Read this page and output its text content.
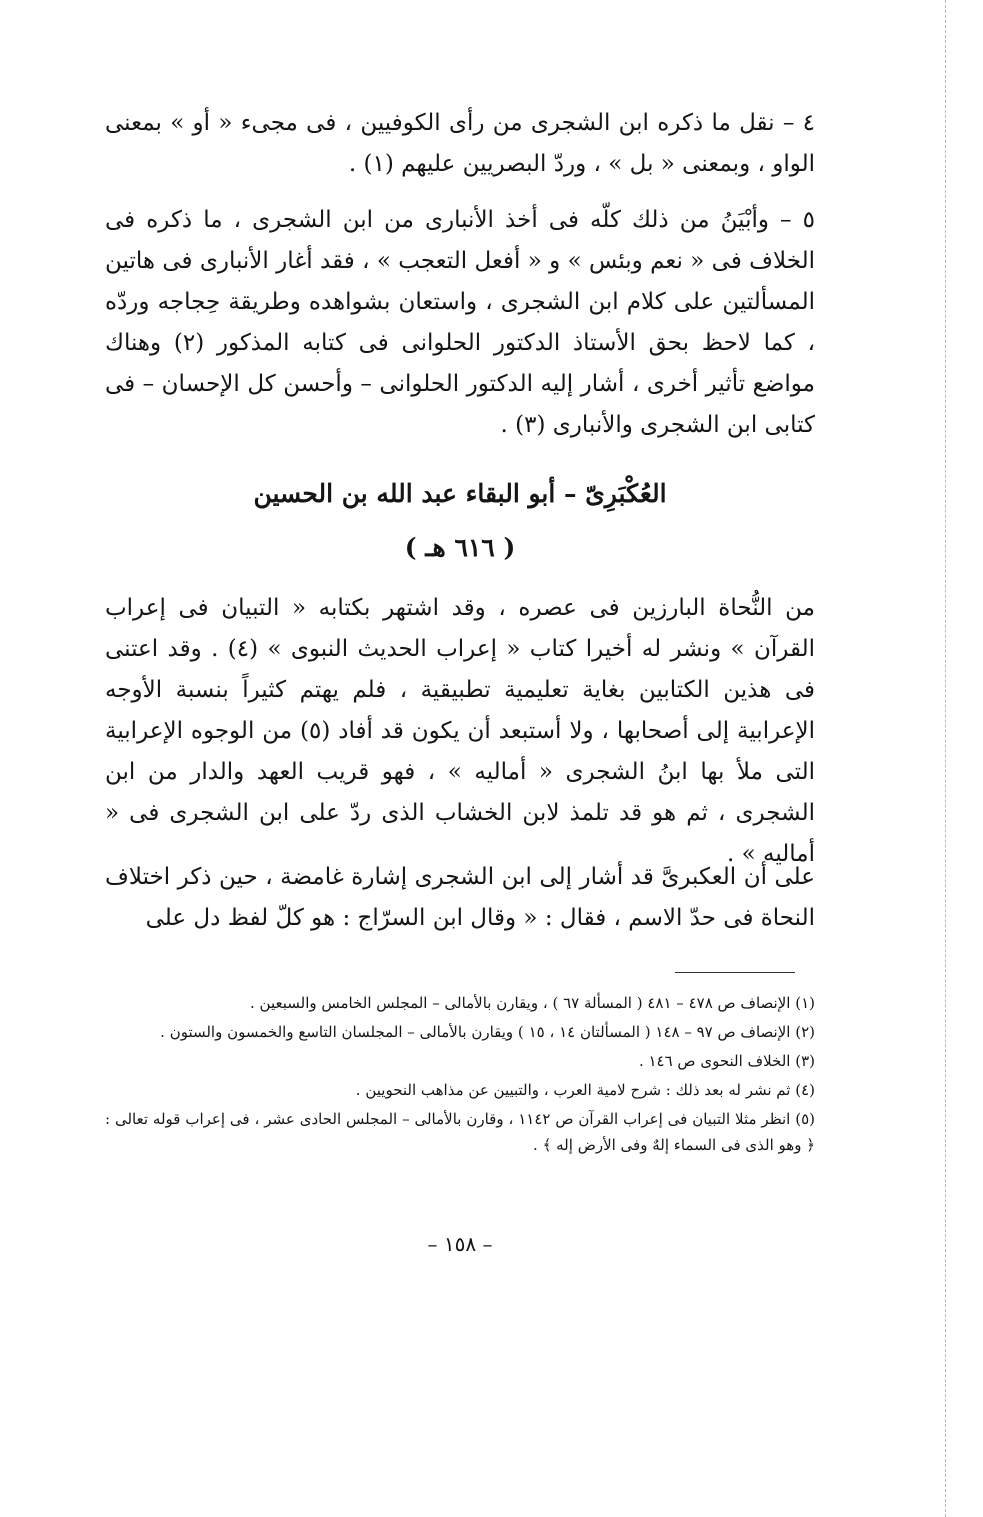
٤ – نقل ما ذكره ابن الشجرى من رأى الكوفيين ، فى مجىء « أو » بمعنى الواو ، وبمعنى « بل » ، وردّ البصريين عليهم (١) .

٥ – وأبْيَنُ من ذلك كلّه فى أخذ الأنبارى من ابن الشجرى ، ما ذكره فى الخلاف فى « نعم وبئس » و « أفعل التعجب » ، فقد أغار الأنبارى فى هاتين المسألتين على كلام ابن الشجرى ، واستعان بشواهده وطريقة حِجاجه وردّه ، كما لاحظ بحق الأستاذ الدكتور الحلوانى فى كتابه المذكور (٢) وهناك مواضع تأثير أخرى ، أشار إليه الدكتور الحلوانى – وأحسن كل الإحسان – فى كتابى ابن الشجرى والأنبارى (٣) .

العُكْبَرِىّ – أبو البقاء عبد الله بن الحسين
( ٦١٦ هـ )

من النُّحاة البارزين فى عصره ، وقد اشتهر بكتابه « التبيان فى إعراب القرآن » ونشر له أخيرا كتاب « إعراب الحديث النبوى » (٤) . وقد اعتنى فى هذين الكتابين بغاية تعليمية تطبيقية ، فلم يهتم كثيراً بنسبة الأوجه الإعرابية إلى أصحابها ، ولا أستبعد أن يكون قد أفاد (٥) من الوجوه الإعرابية التى ملأ بها ابنُ الشجرى « أماليه » ، فهو قريب العهد والدار من ابن الشجرى ، ثم هو قد تلمذ لابن الخشاب الذى ردّ على ابن الشجرى فى « أماليه » .

على أن العكبرىَّ قد أشار إلى ابن الشجرى إشارة غامضة ، حين ذكر اختلاف النحاة فى حدّ الاسم ، فقال : « وقال ابن السرّاج : هو كلّ لفظ دل على

(١) الإنصاف ص ٤٧٨ – ٤٨١ ( المسألة ٦٧ ) ، ويقارن بالأمالى – المجلس الخامس والسبعين .

(٢) الإنصاف ص ٩٧ – ١٤٨ ( المسألتان ١٤ ، ١٥ ) ويقارن بالأمالى – المجلسان التاسع والخمسون والستون .

(٣) الخلاف النحوى ص ١٤٦ .

(٤) ثم نشر له بعد ذلك : شرح لامية العرب ، والتبيين عن مذاهب النحويين .

(٥) انظر مثلا التبيان فى إعراب القرآن ص ١١٤٢ ، وقارن بالأمالى – المجلس الحادى عشر ، فى إعراب قوله تعالى : ﴿ وهو الذى فى السماء إلهٌ وفى الأرض إله ﴾ .

– ١٥٨ –
